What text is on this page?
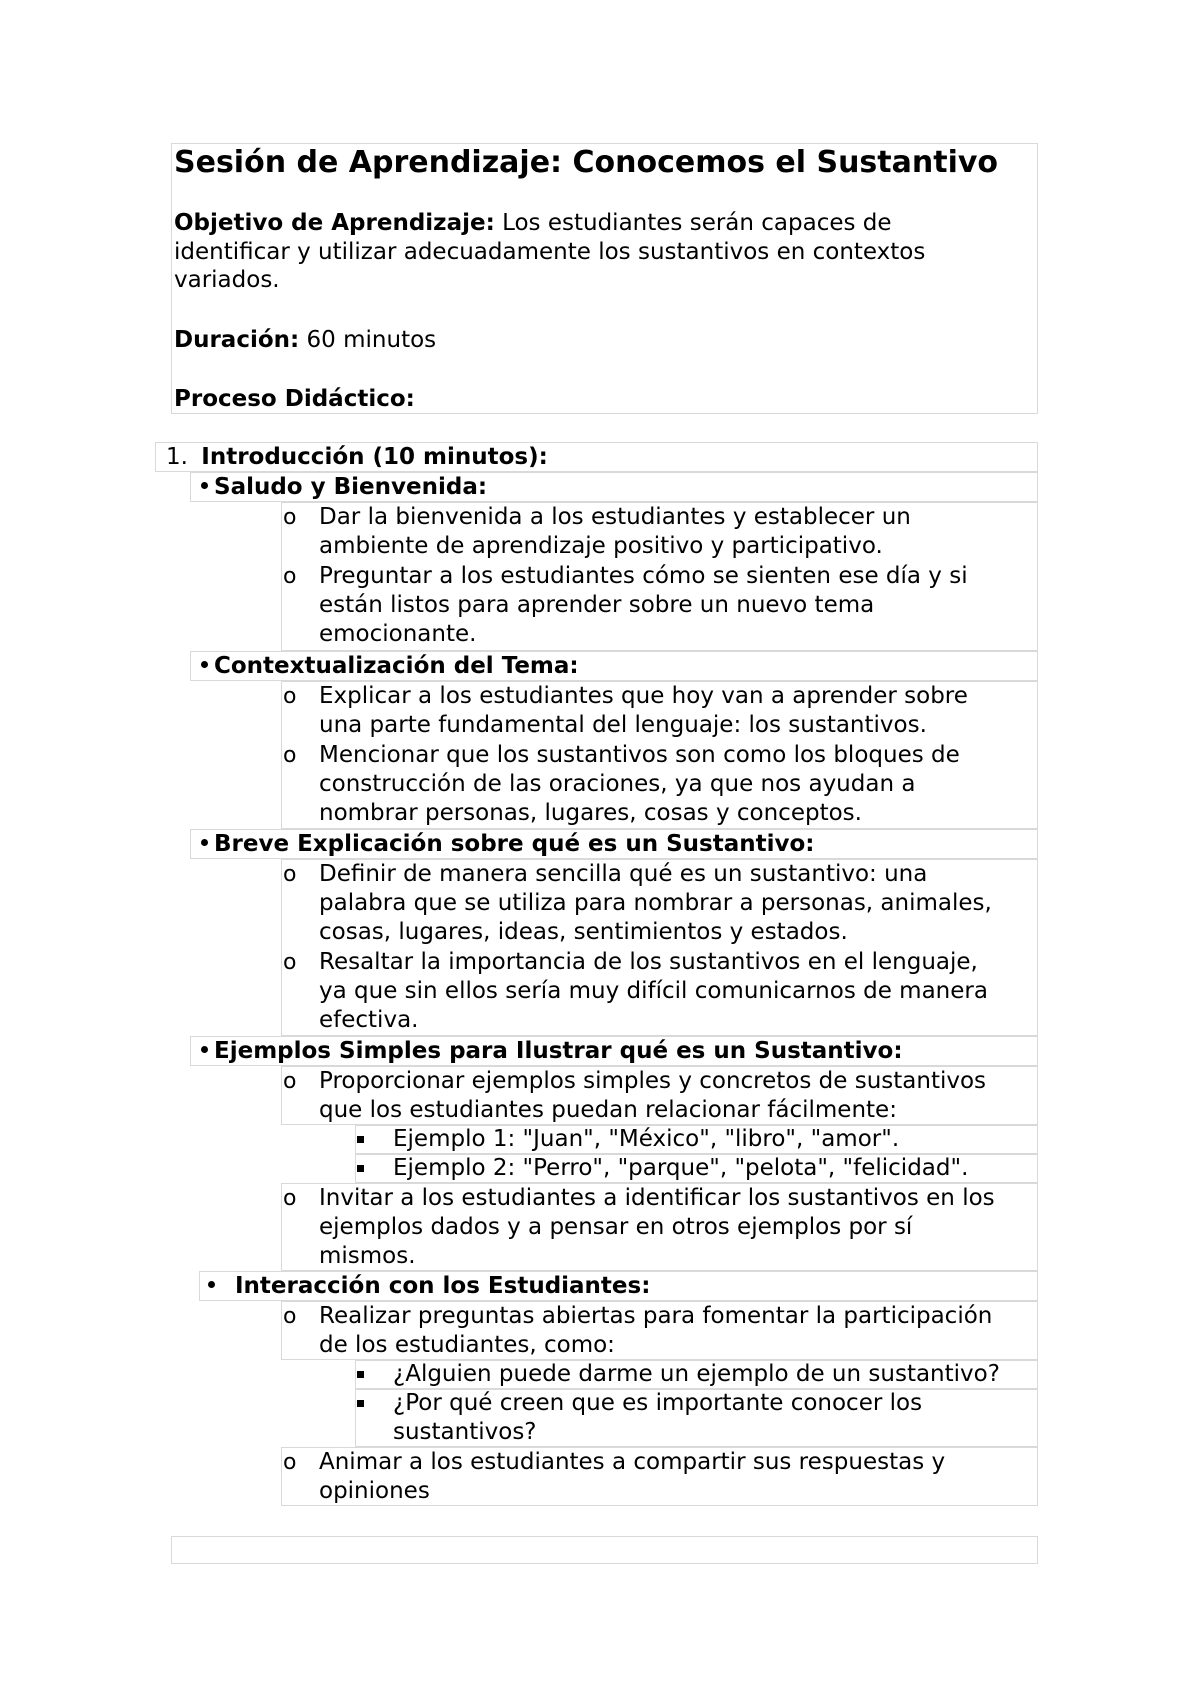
Sesión de Aprendizaje: Conocemos el Sustantivo
Objetivo de Aprendizaje: Los estudiantes serán capaces de
identificar y utilizar adecuadamente los sustantivos en contextos
variados.
Duración: 60 minutos
Proceso Didáctico:
1. Introducción (10 minutos):
Saludo y Bienvenida:
o Dar la bienvenida a los estudiantes y establecer un
ambiente de aprendizaje positivo y participativo.
o Preguntar a los estudiantes cómo se sienten ese día y si
están listos para aprender sobre un nuevo tema
emocionante.
Contextualización del Tema:
o Explicar a los estudiantes que hoy van a aprender sobre
una parte fundamental del lenguaje: los sustantivos.
o Mencionar que los sustantivos son como los bloques de
construcción de las oraciones, ya que nos ayudan a
nombrar personas, lugares, cosas y conceptos.
Breve Explicación sobre qué es un Sustantivo:
o Definir de manera sencilla qué es un sustantivo: una
palabra que se utiliza para nombrar a personas, animales,
cosas, lugares, ideas, sentimientos y estados.
o Resaltar la importancia de los sustantivos en el lenguaje,
ya que sin ellos sería muy difícil comunicarnos de manera
efectiva.
Ejemplos Simples para Ilustrar qué es un Sustantivo:
o Proporcionar ejemplos simples y concretos de sustantivos
que los estudiantes puedan relacionar fácilmente:
Ejemplo 1: "Juan", "México", "libro", "amor".
Ejemplo 2: "Perro", "parque", "pelota", "felicidad".
o Invitar a los estudiantes a identificar los sustantivos en los
ejemplos dados y a pensar en otros ejemplos por sí
mismos.
Interacción con los Estudiantes:
o Realizar preguntas abiertas para fomentar la participación
de los estudiantes, como:
¿Alguien puede darme un ejemplo de un sustantivo?
¿Por qué creen que es importante conocer los
sustantivos?
o Animar a los estudiantes a compartir sus respuestas y
opiniones
